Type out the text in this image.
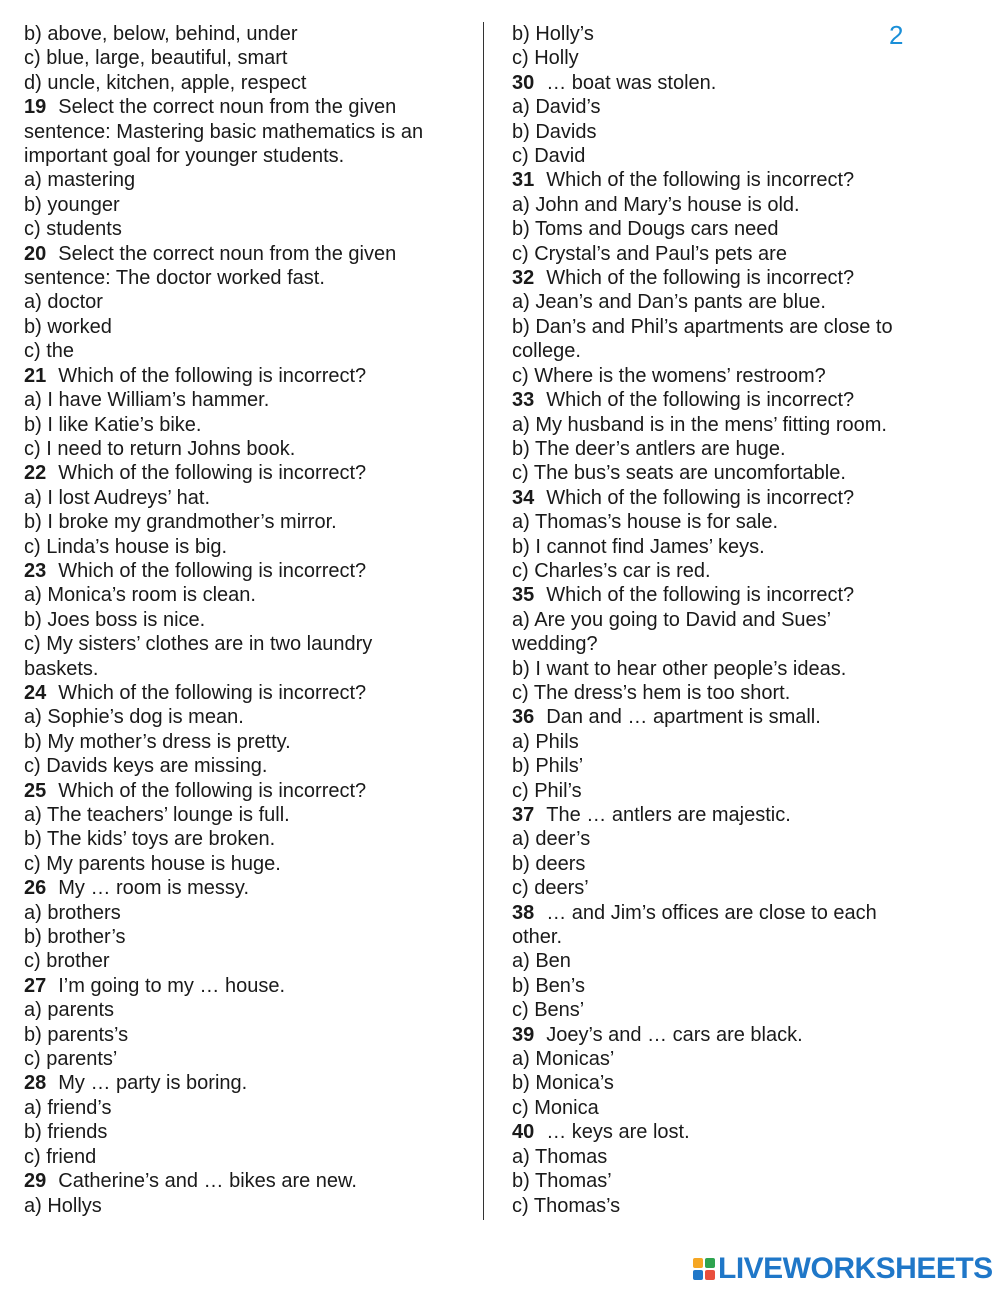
b) above, below, behind, under
c) blue, large, beautiful, smart
d) uncle, kitchen, apple, respect
19 Select the correct noun from the given
sentence: Mastering basic mathematics is an
important goal for younger students.
a) mastering
b) younger
c) students
20 Select the correct noun from the given
sentence: The doctor worked fast.
a) doctor
b) worked
c) the
21 Which of the following is incorrect?
a) I have William’s hammer.
b) I like Katie’s bike.
c) I need to return Johns book.
22 Which of the following is incorrect?
a) I lost Audreys’ hat.
b) I broke my grandmother’s mirror.
c) Linda’s house is big.
23 Which of the following is incorrect?
a) Monica’s room is clean.
b) Joes boss is nice.
c) My sisters’ clothes are in two laundry
baskets.
24 Which of the following is incorrect?
a) Sophie’s dog is mean.
b) My mother’s dress is pretty.
c) Davids keys are missing.
25 Which of the following is incorrect?
a) The teachers’ lounge is full.
b) The kids’ toys are broken.
c) My parents house is huge.
26 My … room is messy.
a) brothers
b) brother’s
c) brother
27 I’m going to my … house.
a) parents
b) parents’s
c) parents’
28 My … party is boring.
a) friend’s
b) friends
c) friend
29 Catherine’s and … bikes are new.
a) Hollys
b) Holly’s
c) Holly
30 … boat was stolen.
a) David’s
b) Davids
c) David
31 Which of the following is incorrect?
a) John and Mary’s house is old.
b) Toms and Dougs cars need
c) Crystal’s and Paul’s pets are
32 Which of the following is incorrect?
a) Jean’s and Dan’s pants are blue.
b) Dan’s and Phil’s apartments are close to
college.
c) Where is the womens’ restroom?
33 Which of the following is incorrect?
a) My husband is in the mens’ fitting room.
b) The deer’s antlers are huge.
c) The bus’s seats are uncomfortable.
34 Which of the following is incorrect?
a) Thomas’s house is for sale.
b) I cannot find James’ keys.
c) Charles’s car is red.
35 Which of the following is incorrect?
a) Are you going to David and Sues’
wedding?
b) I want to hear other people’s ideas.
c) The dress’s hem is too short.
36 Dan and … apartment is small.
a) Phils
b) Phils’
c) Phil’s
37 The … antlers are majestic.
a) deer’s
b) deers
c) deers’
38 … and Jim’s offices are close to each
other.
a) Ben
b) Ben’s
c) Bens’
39 Joey’s and … cars are black.
a) Monicas’
b) Monica’s
c) Monica
40 … keys are lost.
a) Thomas
b) Thomas’
c) Thomas’s
2
LIVEWORKSHEETS
